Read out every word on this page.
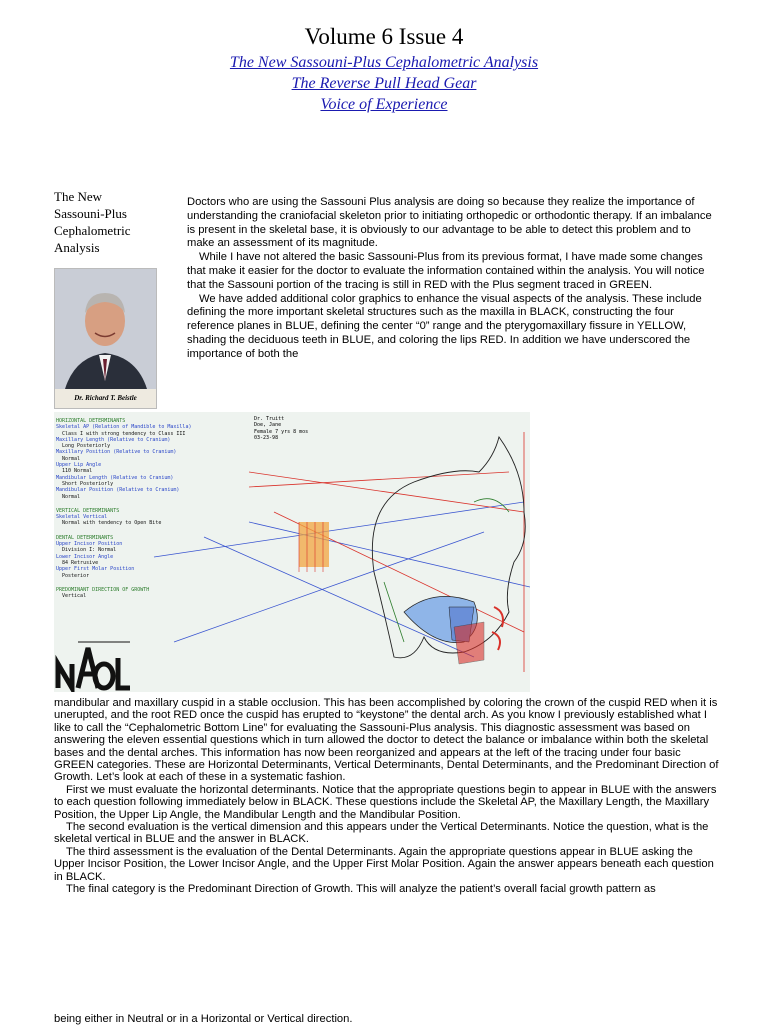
Volume 6 Issue 4
The New Sassouni-Plus Cephalometric Analysis
The Reverse Pull Head Gear
Voice of Experience
The New Sassouni-Plus Cephalometric Analysis
Dr. Richard T. Beistle

Doctors who are using the Sassouni Plus analysis are doing so because they realize the importance of understanding the craniofacial skeleton prior to initiating orthopedic or orthodontic therapy. If an imbalance is present in the skeletal base, it is obviously to our advantage to be able to detect this problem and to make an assessment of its magnitude.

While I have not altered the basic Sassouni-Plus from its previous format, I have made some changes that make it easier for the doctor to evaluate the information contained within the analysis. You will notice that the Sassouni portion of the tracing is still in RED with the Plus segment traced in GREEN.

We have added additional color graphics to enhance the visual aspects of the analysis. These include defining the more important skeletal structures such as the maxilla in BLACK, constructing the four reference planes in BLUE, defining the center “0” range and the pterygomaxillary fissure in YELLOW, shading the deciduous teeth in BLUE, and coloring the lips RED. In addition we have underscored the importance of both the

HORIZONTAL DETERMINANTS
Skeletal AP (Relation of Mandible to Maxilla)
Class I with strong tendency to Class III
Maxillary Length (Relative to Cranium)
Long Posteriorly
Maxillary Position (Relative to Cranium)
Normal
Upper Lip Angle
110 Normal
Mandibular Length (Relative to Cranium)
Short Posteriorly
Mandibular Position (Relative to Cranium)
Normal
VERTICAL DETERMINANTS
Skeletal Vertical
Normal with tendency to Open Bite
DENTAL DETERMINANTS
Upper Incisor Position
Division I: Normal
Lower Incisor Angle
84 Retrusive
Upper First Molar Position
Posterior
PREDOMINANT DIRECTION OF GROWTH
Vertical
Dr. Truitt
Doe, Jane
Female 7 yrs 8 mos
03-23-98

mandibular and maxillary cuspid in a stable occlusion. This has been accomplished by coloring the crown of the cuspid RED when it is unerupted, and the root RED once the cuspid has erupted to “keystone” the dental arch. As you know I previously established what I like to call the “Cephalometric Bottom Line” for evaluating the Sassouni-Plus analysis. This diagnostic assessment was based on answering the eleven essential questions which in turn allowed the doctor to detect the balance or imbalance within both the skeletal bases and the dental arches. This information has now been reorganized and appears at the left of the tracing under four basic GREEN categories. These are Horizontal Determinants, Vertical Determinants, Dental Determinants, and the Predominant Direction of Growth. Let’s look at each of these in a systematic fashion.

First we must evaluate the horizontal determinants. Notice that the appropriate questions begin to appear in BLUE with the answers to each question following immediately below in BLACK. These questions include the Skeletal AP, the Maxillary Length, the Maxillary Position, the Upper Lip Angle, the Mandibular Length and the Mandibular Position.

The second evaluation is the vertical dimension and this appears under the Vertical Determinants. Notice the question, what is the skeletal vertical in BLUE and the answer in BLACK.

The third assessment is the evaluation of the Dental Determinants. Again the appropriate questions appear in BLUE asking the Upper Incisor Position, the Lower Incisor Angle, and the Upper First Molar Position. Again the answer appears beneath each question in BLACK.

The final category is the Predominant Direction of Growth. This will analyze the patient’s overall facial growth pattern as

being either in Neutral or in a Horizontal or Vertical direction.
